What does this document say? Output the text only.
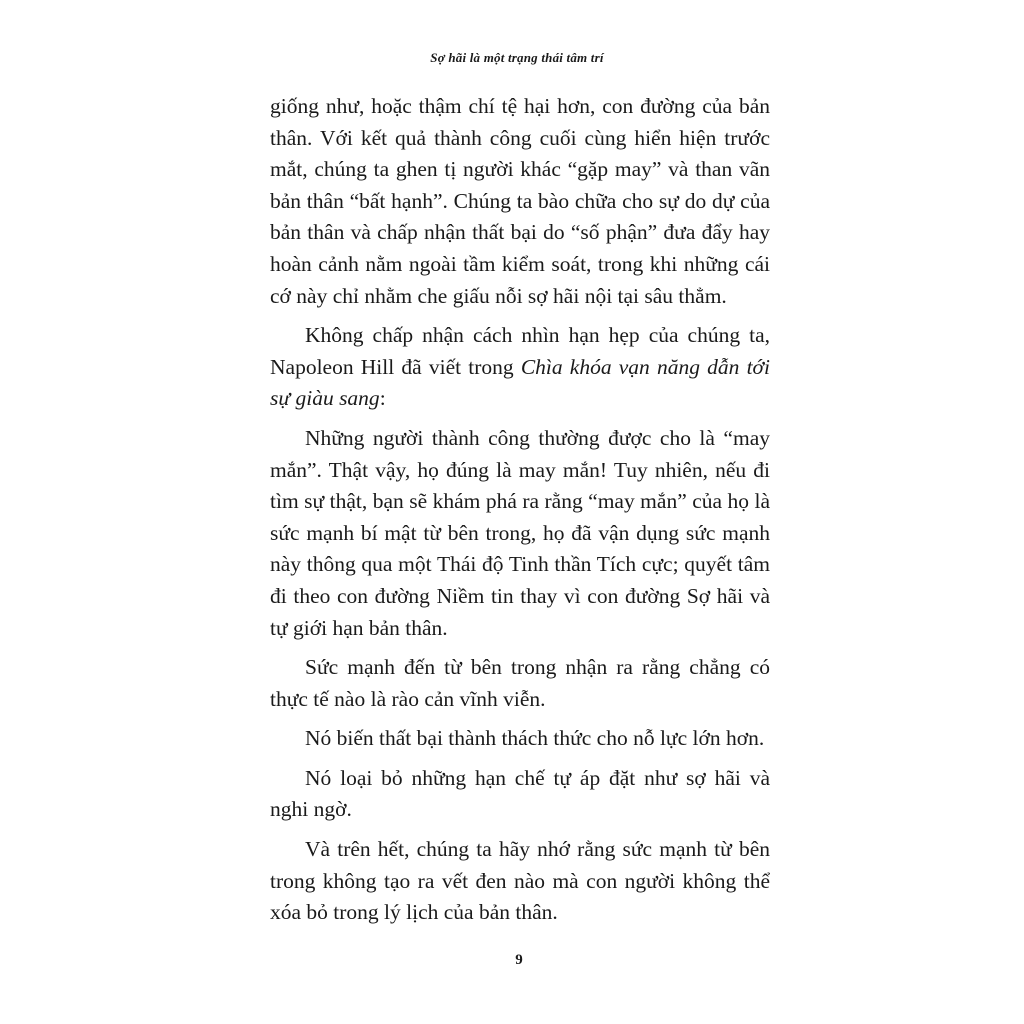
Sợ hãi là một trạng thái tâm trí

giống như, hoặc thậm chí tệ hại hơn, con đường của bản thân. Với kết quả thành công cuối cùng hiển hiện trước mắt, chúng ta ghen tị người khác “gặp may” và than vãn bản thân “bất hạnh”. Chúng ta bào chữa cho sự do dự của bản thân và chấp nhận thất bại do “số phận” đưa đẩy hay hoàn cảnh nằm ngoài tầm kiểm soát, trong khi những cái cớ này chỉ nhằm che giấu nỗi sợ hãi nội tại sâu thẳm.

Không chấp nhận cách nhìn hạn hẹp của chúng ta, Napoleon Hill đã viết trong Chìa khóa vạn năng dẫn tới sự giàu sang:

Những người thành công thường được cho là “may mắn”. Thật vậy, họ đúng là may mắn! Tuy nhiên, nếu đi tìm sự thật, bạn sẽ khám phá ra rằng “may mắn” của họ là sức mạnh bí mật từ bên trong, họ đã vận dụng sức mạnh này thông qua một Thái độ Tinh thần Tích cực; quyết tâm đi theo con đường Niềm tin thay vì con đường Sợ hãi và tự giới hạn bản thân.

Sức mạnh đến từ bên trong nhận ra rằng chẳng có thực tế nào là rào cản vĩnh viễn.

Nó biến thất bại thành thách thức cho nỗ lực lớn hơn.

Nó loại bỏ những hạn chế tự áp đặt như sợ hãi và nghi ngờ.

Và trên hết, chúng ta hãy nhớ rằng sức mạnh từ bên trong không tạo ra vết đen nào mà con người không thể xóa bỏ trong lý lịch của bản thân.

9
